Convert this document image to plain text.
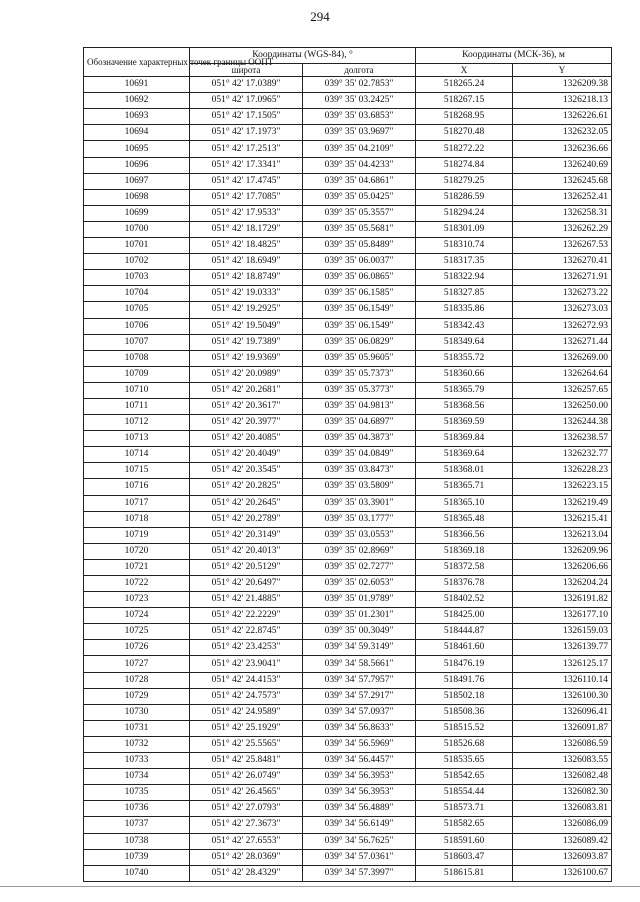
294
Обозначение характерных точек границы ООПТ	Координаты (WGS-84), °		Координаты (МСК-36), м	
	широта	долгота	X	Y
10691	051° 42' 17.0389"	039° 35' 02.7853"	518265.24	1326209.38
10692	051° 42' 17.0965"	039° 35' 03.2425"	518267.15	1326218.13
10693	051° 42' 17.1505"	039° 35' 03.6853"	518268.95	1326226.61
10694	051° 42' 17.1973"	039° 35' 03.9697"	518270.48	1326232.05
10695	051° 42' 17.2513"	039° 35' 04.2109"	518272.22	1326236.66
10696	051° 42' 17.3341"	039° 35' 04.4233"	518274.84	1326240.69
10697	051° 42' 17.4745"	039° 35' 04.6861"	518279.25	1326245.68
10698	051° 42' 17.7085"	039° 35' 05.0425"	518286.59	1326252.41
10699	051° 42' 17.9533"	039° 35' 05.3557"	518294.24	1326258.31
10700	051° 42' 18.1729"	039° 35' 05.5681"	518301.09	1326262.29
10701	051° 42' 18.4825"	039° 35' 05.8489"	518310.74	1326267.53
10702	051° 42' 18.6949"	039° 35' 06.0037"	518317.35	1326270.41
10703	051° 42' 18.8749"	039° 35' 06.0865"	518322.94	1326271.91
10704	051° 42' 19.0333"	039° 35' 06.1585"	518327.85	1326273.22
10705	051° 42' 19.2925"	039° 35' 06.1549"	518335.86	1326273.03
10706	051° 42' 19.5049"	039° 35' 06.1549"	518342.43	1326272.93
10707	051° 42' 19.7389"	039° 35' 06.0829"	518349.64	1326271.44
10708	051° 42' 19.9369"	039° 35' 05.9605"	518355.72	1326269.00
10709	051° 42' 20.0989"	039° 35' 05.7373"	518360.66	1326264.64
10710	051° 42' 20.2681"	039° 35' 05.3773"	518365.79	1326257.65
10711	051° 42' 20.3617"	039° 35' 04.9813"	518368.56	1326250.00
10712	051° 42' 20.3977"	039° 35' 04.6897"	518369.59	1326244.38
10713	051° 42' 20.4085"	039° 35' 04.3873"	518369.84	1326238.57
10714	051° 42' 20.4049"	039° 35' 04.0849"	518369.64	1326232.77
10715	051° 42' 20.3545"	039° 35' 03.8473"	518368.01	1326228.23
10716	051° 42' 20.2825"	039° 35' 03.5809"	518365.71	1326223.15
10717	051° 42' 20.2645"	039° 35' 03.3901"	518365.10	1326219.49
10718	051° 42' 20.2789"	039° 35' 03.1777"	518365.48	1326215.41
10719	051° 42' 20.3149"	039° 35' 03.0553"	518366.56	1326213.04
10720	051° 42' 20.4013"	039° 35' 02.8969"	518369.18	1326209.96
10721	051° 42' 20.5129"	039° 35' 02.7277"	518372.58	1326206.66
10722	051° 42' 20.6497"	039° 35' 02.6053"	518376.78	1326204.24
10723	051° 42' 21.4885"	039° 35' 01.9789"	518402.52	1326191.82
10724	051° 42' 22.2229"	039° 35' 01.2301"	518425.00	1326177.10
10725	051° 42' 22.8745"	039° 35' 00.3049"	518444.87	1326159.03
10726	051° 42' 23.4253"	039° 34' 59.3149"	518461.60	1326139.77
10727	051° 42' 23.9041"	039° 34' 58.5661"	518476.19	1326125.17
10728	051° 42' 24.4153"	039° 34' 57.7957"	518491.76	1326110.14
10729	051° 42' 24.7573"	039° 34' 57.2917"	518502.18	1326100.30
10730	051° 42' 24.9589"	039° 34' 57.0937"	518508.36	1326096.41
10731	051° 42' 25.1929"	039° 34' 56.8633"	518515.52	1326091.87
10732	051° 42' 25.5565"	039° 34' 56.5969"	518526.68	1326086.59
10733	051° 42' 25.8481"	039° 34' 56.4457"	518535.65	1326083.55
10734	051° 42' 26.0749"	039° 34' 56.3953"	518542.65	1326082.48
10735	051° 42' 26.4565"	039° 34' 56.3953"	518554.44	1326082.30
10736	051° 42' 27.0793"	039° 34' 56.4889"	518573.71	1326083.81
10737	051° 42' 27.3673"	039° 34' 56.6149"	518582.65	1326086.09
10738	051° 42' 27.6553"	039° 34' 56.7625"	518591.60	1326089.42
10739	051° 42' 28.0369"	039° 34' 57.0361"	518603.47	1326093.87
10740	051° 42' 28.4329"	039° 34' 57.3997"	518615.81	1326100.67
